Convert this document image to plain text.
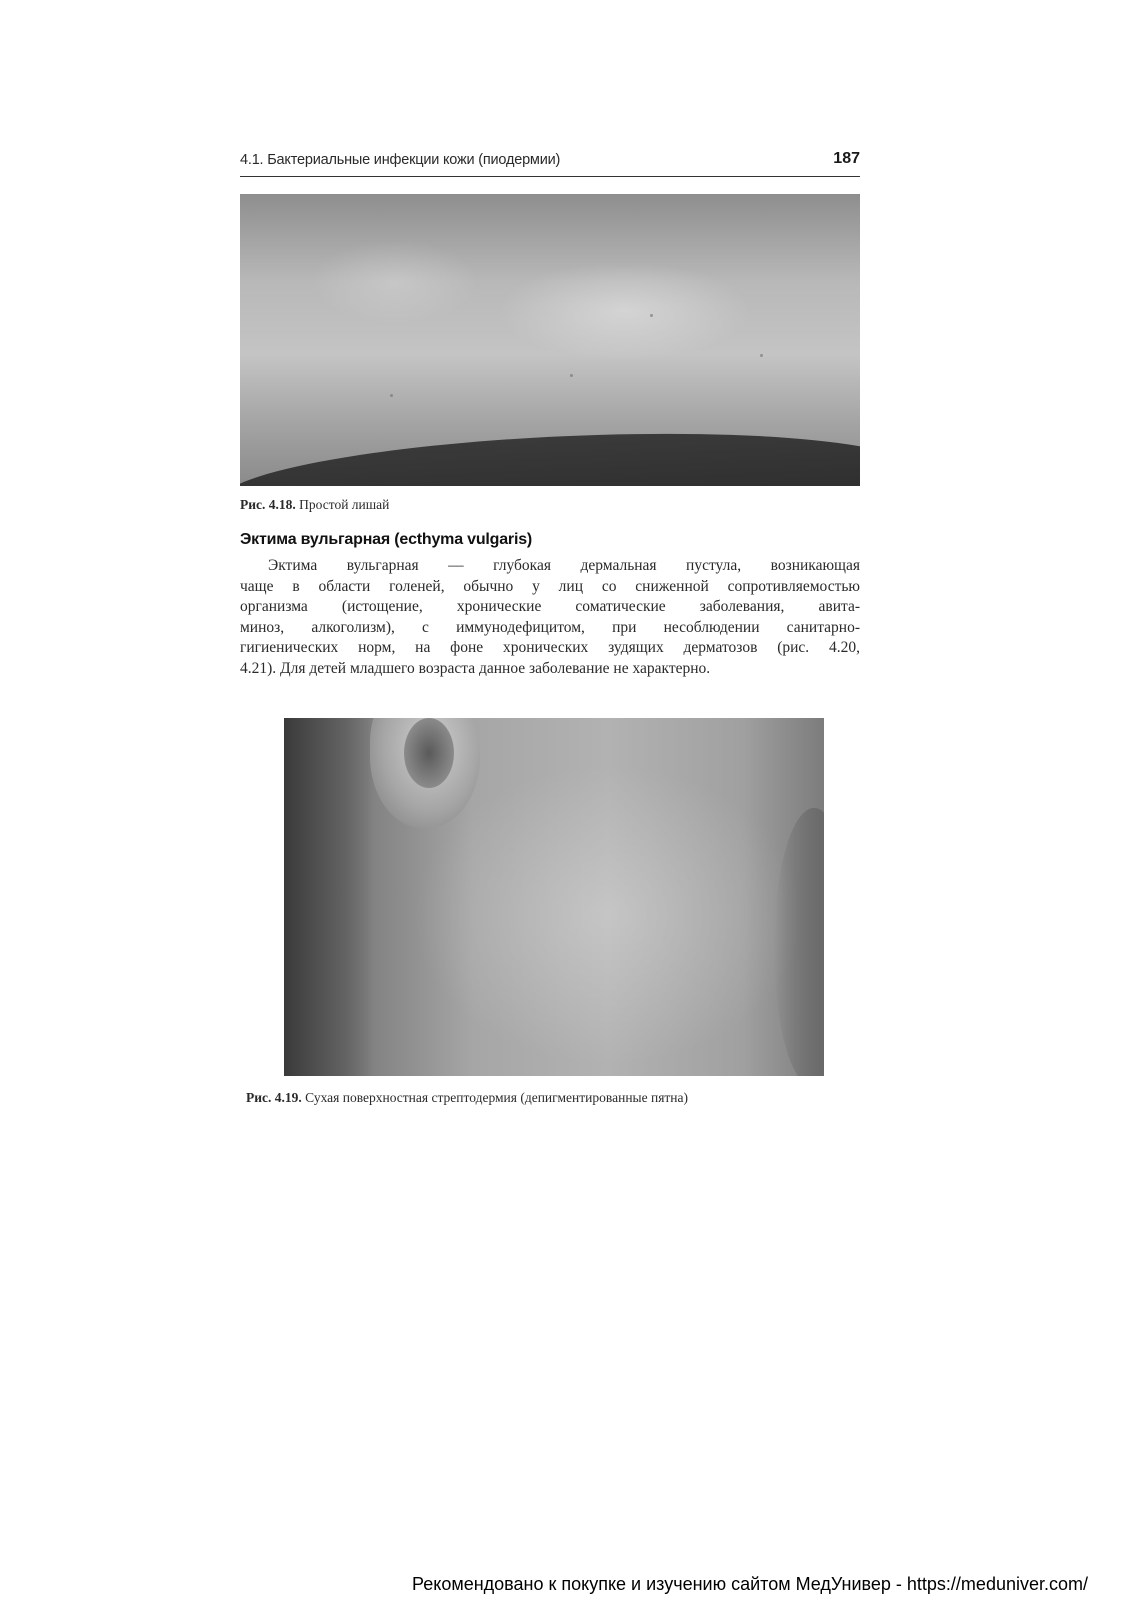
4.1. Бактериальные инфекции кожи (пиодермии)	187
Рис. 4.18. Простой лишай
Эктима вульгарная (ecthyma vulgaris)
Эктима вульгарная — глубокая дермальная пустула, возникающая
чаще в области голеней, обычно у лиц со сниженной сопротивляемостью
организма (истощение, хронические соматические заболевания, авита-
миноз, алкоголизм), с иммунодефицитом, при несоблюдении санитарно-
гигиенических норм, на фоне хронических зудящих дерматозов (рис. 4.20,
4.21). Для детей младшего возраста данное заболевание не характерно.
Рис. 4.19. Сухая поверхностная стрептодермия (депигментированные пятна)
Рекомендовано к покупке и изучению сайтом МедУнивер - https://meduniver.com/
